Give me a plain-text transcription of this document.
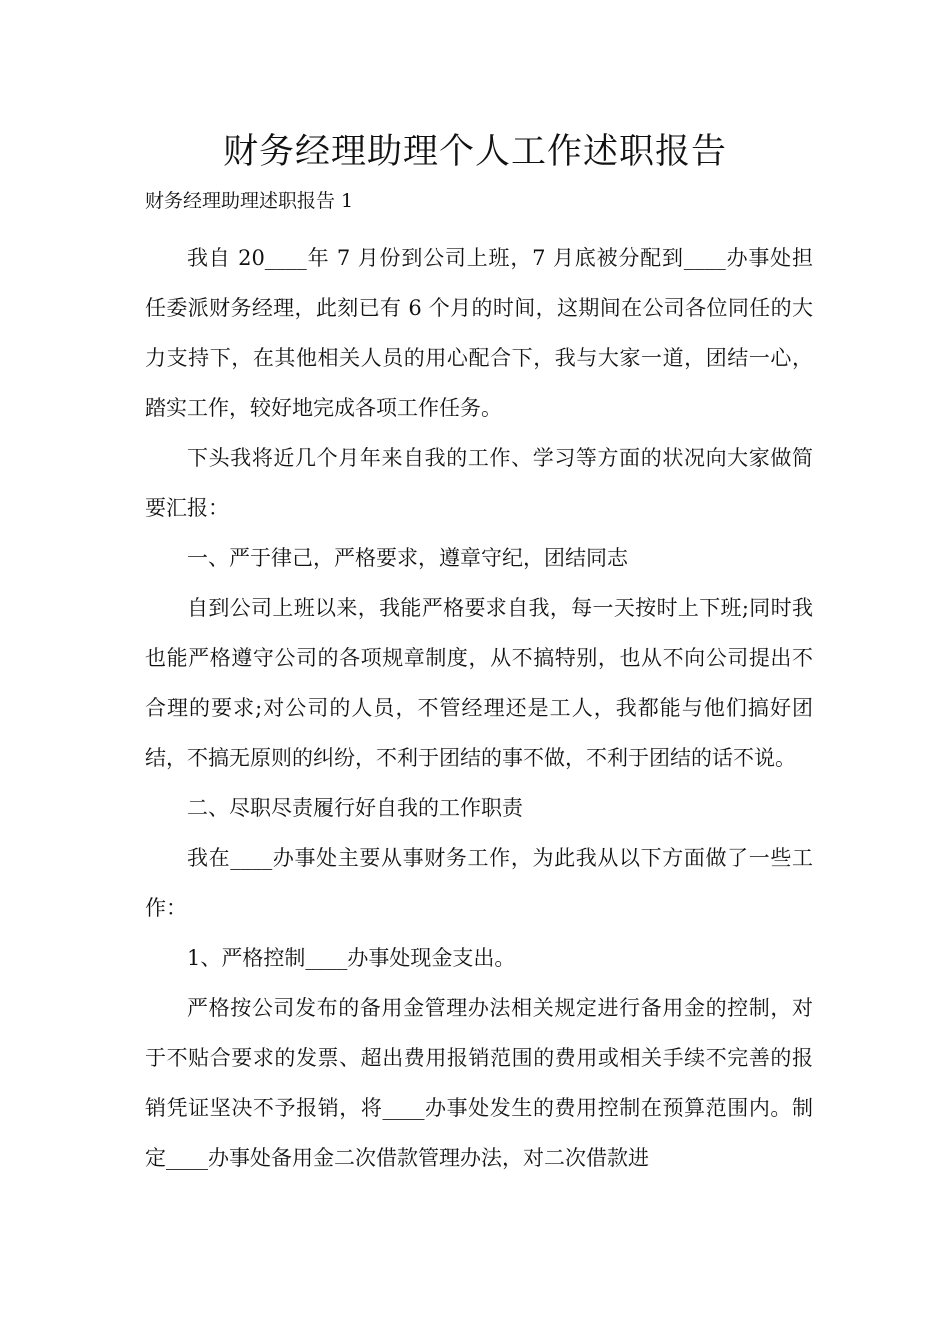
财务经理助理个人工作述职报告
财务经理助理述职报告 1

我自 20____年 7 月份到公司上班，7 月底被分配到____办事处担任委派财务经理，此刻已有 6 个月的时间，这期间在公司各位同任的大力支持下，在其他相关人员的用心配合下，我与大家一道，团结一心，踏实工作，较好地完成各项工作任务。

下头我将近几个月年来自我的工作、学习等方面的状况向大家做简要汇报：

一、严于律己，严格要求，遵章守纪，团结同志

自到公司上班以来，我能严格要求自我，每一天按时上下班;同时我也能严格遵守公司的各项规章制度，从不搞特别，也从不向公司提出不合理的要求;对公司的人员，不管经理还是工人，我都能与他们搞好团结，不搞无原则的纠纷，不利于团结的事不做，不利于团结的话不说。

二、尽职尽责履行好自我的工作职责

我在____办事处主要从事财务工作，为此我从以下方面做了一些工作：

1、严格控制____办事处现金支出。

严格按公司发布的备用金管理办法相关规定进行备用金的控制，对于不贴合要求的发票、超出费用报销范围的费用或相关手续不完善的报销凭证坚决不予报销，将____办事处发生的费用控制在预算范围内。制定____办事处备用金二次借款管理办法，对二次借款进
